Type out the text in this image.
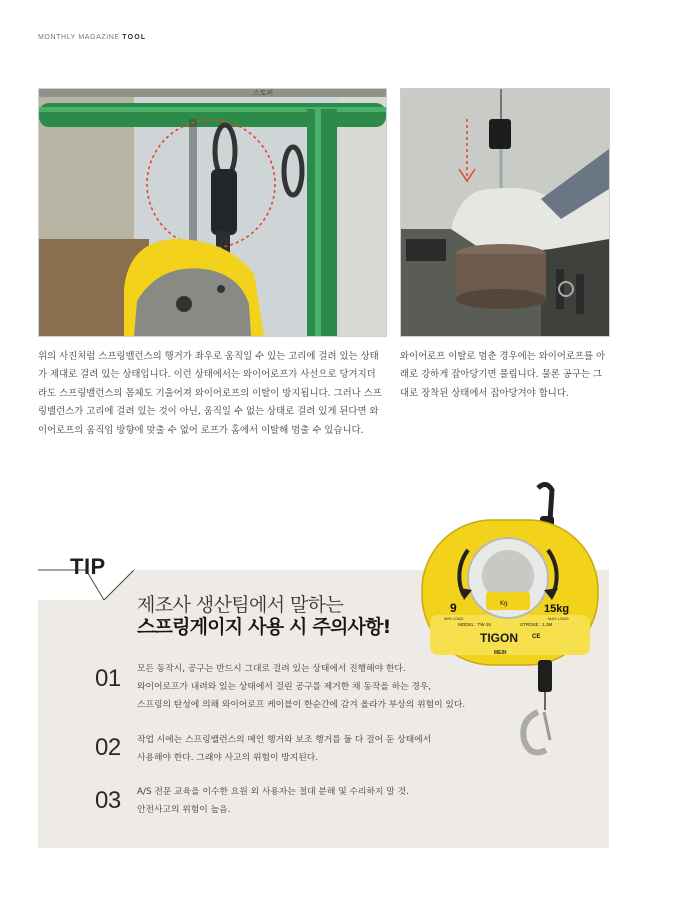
MONTHLY MAGAZINE TOOL
스토퍼

위의 사진처럼 스프링밸런스의 행거가 좌우로 움직일 수 있는 고리에 걸려 있는 상태가 제대로 걸려 있는 상태입니다. 이런 상태에서는 와이어로프가 사선으로 당겨지더라도 스프링밸런스의 몸체도 기울어져 와이어로프의 이탈이 방지됩니다. 그러나 스프링밸런스가 고리에 걸려 있는 것이 아닌, 움직일 수 없는 상태로 걸려 있게 된다면 와이어로프의 움직임 방향에 맞출 수 없어 로프가 홈에서 이탈해 멈출 수 있습니다.

와이어로프 이탈로 멈춘 경우에는 와이어로프를 아래로 강하게 잡아당기면 풀립니다. 물론 공구는 그대로 장착된 상태에서 잡아당겨야 합니다.

TIP
제조사 생산팀에서 말하는
스프링게이지 사용 시 주의사항!
01 모든 동작시, 공구는 반드시 그대로 걸려 있는 상태에서 진행해야 한다.
와이어로프가 내려와 있는 상태에서 걸린 공구를 제거한 채 동작을 하는 경우,
스프링의 탄성에 의해 와이어로프 케이블이 한순간에 감겨 올라가 부상의 위험이 있다.
02 작업 시에는 스프링밸런스의 메인 행거와 보조 행거를 둘 다 걸어 둔 상태에서
사용해야 한다. 그래야 사고의 위험이 방지된다.
03 A/S 전문 교육을 이수한 요원 외 사용자는 절대 분해 및 수리하지 말 것.
안전사고의 위험이 높음.
Kg
9
MIN LOAD
15kg
MAX LOAD
MODEL : TW-15	STROKE : 1.3M
TIGON CE
MEIN
